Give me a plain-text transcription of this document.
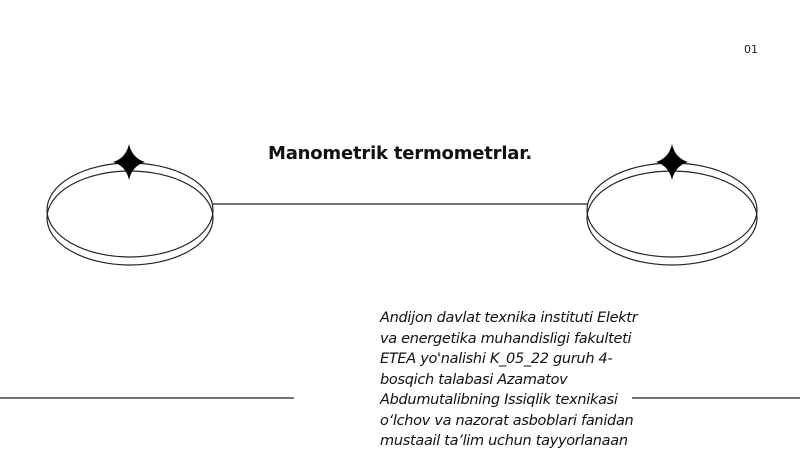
01
Manometrik termometrlar.
Andijon davlat texnika instituti Elektr
va energetika muhandisligi fakulteti
ETEA yo'nalishi K_05_22 guruh 4-
bosqich talabasi Azamatov
Abdumutalibning Issiqlik texnikasi
o‘lchov va nazorat asboblari fanidan
mustaail ta’lim uchun tayyorlanaan
